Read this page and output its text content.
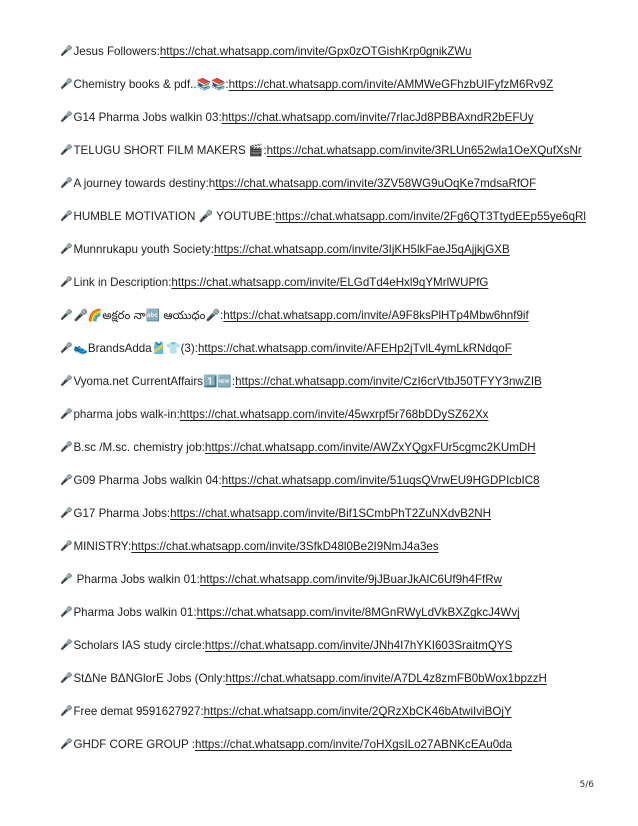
🎤Jesus Followers:https://chat.whatsapp.com/invite/Gpx0zOTGishKrp0gnikZWu
🎤Chemistry books & pdf..📚📚:https://chat.whatsapp.com/invite/AMMWeGFhzbUIFyfzM6Rv9Z
🎤G14 Pharma Jobs walkin 03:https://chat.whatsapp.com/invite/7rlacJd8PBBAxndR2bEFUy
🎤TELUGU SHORT FILM MAKERS 🎬:https://chat.whatsapp.com/invite/3RLUn652wla1OeXQufXsNr
🎤A journey towards destiny:https://chat.whatsapp.com/invite/3ZV58WG9uOqKe7mdsaRfOF
🎤HUMBLE MOTIVATION 🎤 YOUTUBE:https://chat.whatsapp.com/invite/2Fg6QT3TtydEEp55ye6qRl
🎤Munnrukapu youth Society:https://chat.whatsapp.com/invite/3IjKH5lkFaeJ5qAjjkjGXB
🎤Link in Description:https://chat.whatsapp.com/invite/ELGdTd4eHxl9qYMrlWUPfG
🎤🎤🌈అక్షరం నా🔤 ఆయుధం🎤:https://chat.whatsapp.com/invite/A9F8ksPlHTp4Mbw6hnf9if
🎤👟BrandsAdda🎽👕(3):https://chat.whatsapp.com/invite/AFEHp2jTvlL4ymLkRNdqoF
🎤Vyoma.net CurrentAffairs1️⃣🆕:https://chat.whatsapp.com/invite/CzI6crVtbJ50TFYY3nwZIB
🎤pharma jobs walk-in:https://chat.whatsapp.com/invite/45wxrpf5r768bDDySZ62Xx
🎤B.sc /M.sc. chemistry job:https://chat.whatsapp.com/invite/AWZxYQgxFUr5cgmc2KUmDH
🎤G09 Pharma Jobs walkin 04:https://chat.whatsapp.com/invite/51uqsQVrwEU9HGDPIcbIC8
🎤G17 Pharma Jobs:https://chat.whatsapp.com/invite/Bif1SCmbPhT2ZuNXdvB2NH
🎤MINISTRY:https://chat.whatsapp.com/invite/3SfkD48l0Be2I9NmJ4a3es
🎤 Pharma Jobs walkin 01:https://chat.whatsapp.com/invite/9jJBuarJkAlC6Uf9h4FfRw
🎤Pharma Jobs walkin 01:https://chat.whatsapp.com/invite/8MGnRWyLdVkBXZgkcJ4Wvj
🎤Scholars IAS study circle:https://chat.whatsapp.com/invite/JNh4I7hYKI603SraitmQYS
🎤StΔNe BΔNGlorE Jobs (Only:https://chat.whatsapp.com/invite/A7DL4z8zmFB0bWox1bpzzH
🎤Free demat 9591627927:https://chat.whatsapp.com/invite/2QRzXbCK46bAtwiIviBOjY
🎤GHDF CORE GROUP :https://chat.whatsapp.com/invite/7oHXgsILo27ABNKcEAu0da
5/6
